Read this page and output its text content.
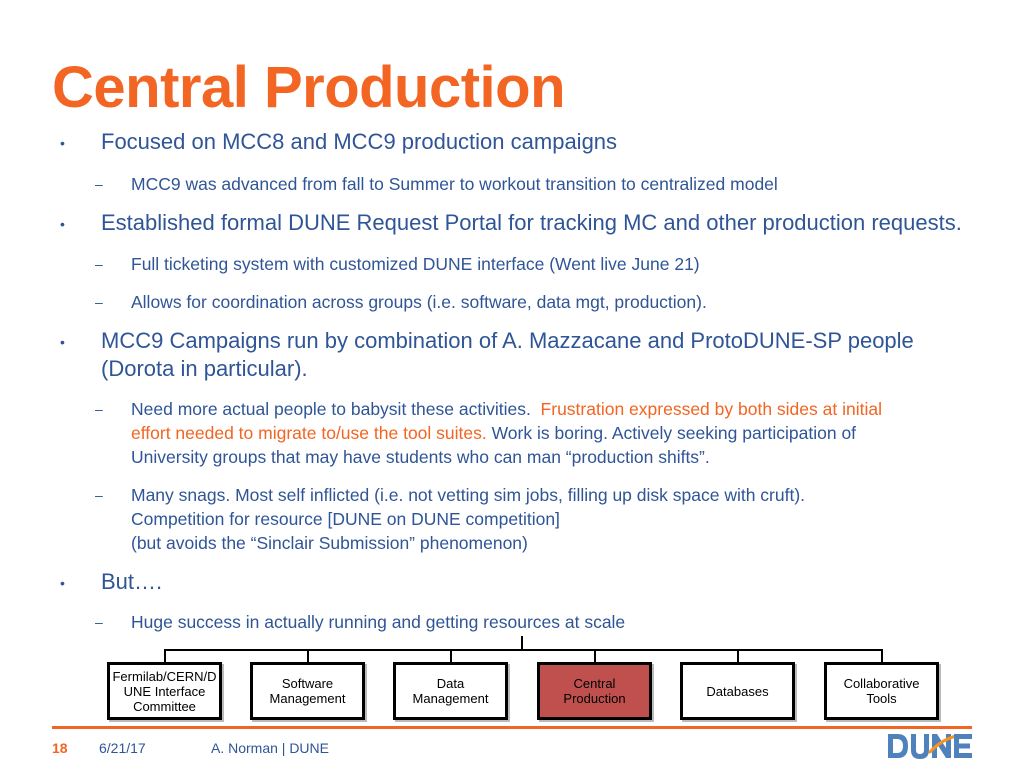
Central Production
• Focused on MCC8 and MCC9 production campaigns
– MCC9 was advanced from fall to Summer to workout transition to centralized model
• Established formal DUNE Request Portal for tracking MC and other production requests.
– Full ticketing system with customized DUNE interface (Went live June 21)
– Allows for coordination across groups (i.e. software, data mgt, production).
• MCC9 Campaigns run by combination of A. Mazzacane and ProtoDUNE-SP people
(Dorota in particular).
– Need more actual people to babysit these activities. Frustration expressed by both sides at initial
effort needed to migrate to/use the tool suites. Work is boring. Actively seeking participation of
University groups that may have students who can man “production shifts”.
– Many snags. Most self inflicted (i.e. not vetting sim jobs, filling up disk space with cruft).
Competition for resource [DUNE on DUNE competition]
(but avoids the “Sinclair Submission” phenomenon)
• But….
– Huge success in actually running and getting resources at scale
Fermilab/CERN/D
UNE Interface
Committee
Software
Management
Data Management
Central
Production	Databases	Collaborative
Tools
18 6/21/17	A. Norman | DUNE
